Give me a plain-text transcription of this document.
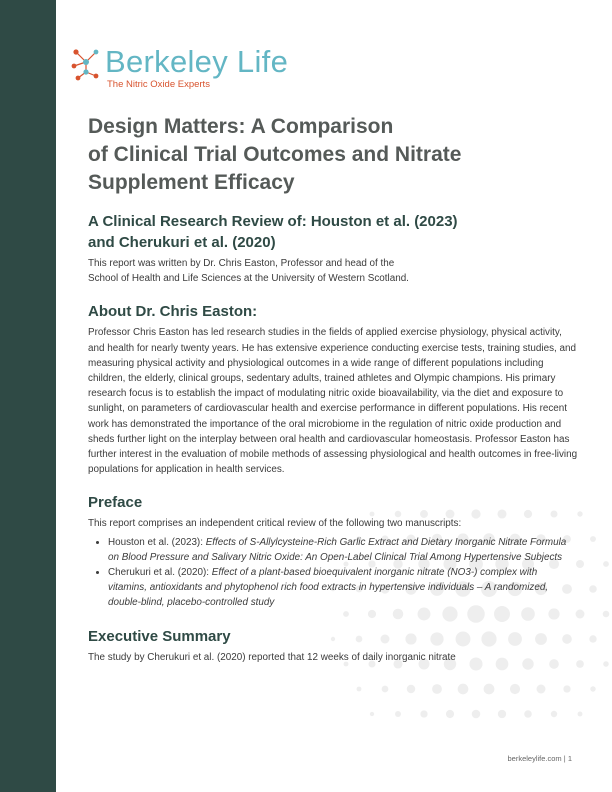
Berkeley Life
The Nitric Oxide Experts
Design Matters: A Comparison
of Clinical Trial Outcomes and Nitrate
Supplement Efficacy
A Clinical Research Review of: Houston et al. (2023)
and Cherukuri et al. (2020)

This report was written by Dr. Chris Easton, Professor and head of the
School of Health and Life Sciences at the University of Western Scotland.

About Dr. Chris Easton:

Professor Chris Easton has led research studies in the fields of applied exercise physiology, physical activity, and health for nearly twenty years. He has extensive experience conducting exercise tests, training studies, and measuring physical activity and physiological outcomes in a wide range of different populations including children, the elderly, clinical groups, sedentary adults, trained athletes and Olympic champions. His primary research focus is to establish the impact of modulating nitric oxide bioavailability, via the diet and exposure to sunlight, on parameters of cardiovascular health and exercise performance in different populations. His recent work has demonstrated the importance of the oral microbiome in the regulation of nitric oxide production and sheds further light on the interplay between oral health and cardiovascular homeostasis. Professor Easton has further interest in the evaluation of mobile methods of assessing physiological and health outcomes in free-living populations for application in health services.

Preface

This report comprises an independent critical review of the following two manuscripts:

• Houston et al. (2023): Effects of S-Allylcysteine-Rich Garlic Extract and Dietary Inorganic Nitrate Formula on Blood Pressure and Salivary Nitric Oxide: An Open-Label Clinical Trial Among Hypertensive Subjects
• Cherukuri et al. (2020): Effect of a plant-based bioequivalent inorganic nitrate (NO3-) complex with vitamins, antioxidants and phytophenol rich food extracts in hypertensive individuals – A randomized, double-blind, placebo-controlled study
Executive Summary

The study by Cherukuri et al. (2020) reported that 12 weeks of daily inorganic nitrate

berkeleylife.com | 1
